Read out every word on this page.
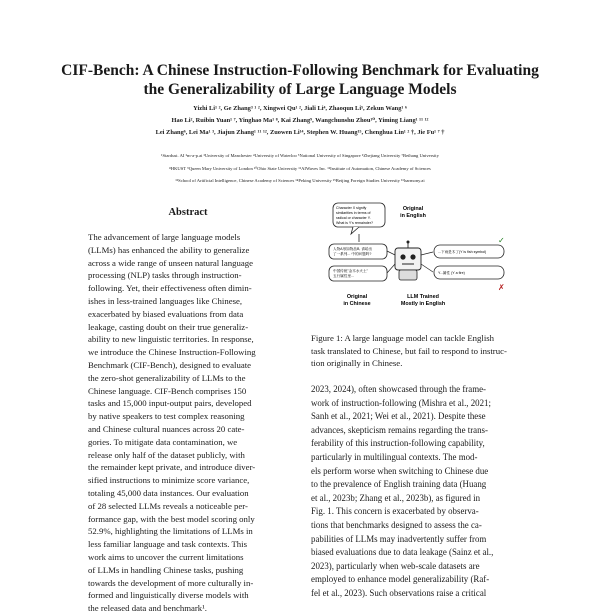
CIF-Bench: A Chinese Instruction-Following Benchmark for Evaluating
the Generalizability of Large Language Models
Yizhi Li¹ ², Ge Zhang³ ¹ ², Xingwei Qu¹ ², Jiali Li⁴, Zhaoqun Li⁵, Zekun Wang¹ ⁶
Hao Li², Ruibin Yuan¹ ⁷, Yinghao Ma¹ ⁸, Kai Zhang⁹, Wangchunshu Zhou¹⁰, Yiming Liang¹ ¹¹ ¹²
Lei Zhang⁶, Lei Ma¹ ³, Jiajun Zhang¹ ¹¹ ¹², Zuowen Li¹⁴, Stephen W. Huang¹⁵, Chenghua Lin¹ ² †, Jie Fu¹ ⁷ †
¹Stardust. AI ²m-a-p.ai ³University of Manchester ⁴University of Waterloo ⁵National University of Singapore ⁶Zhejiang University ⁷Beihang University
⁸HKUST ⁹Queen Mary University of London ¹⁰Ohio State University ¹¹AIWaves Inc. ¹²Institute of Automation, Chinese Academy of Sciences
¹³School of Artificial Intelligence, Chinese Academy of Sciences ¹⁴Peking University ¹⁵Beijing Foreign Studies University ¹⁶harmony.ai
Abstract
The advancement of large language models
(LLMs) has enhanced the ability to generalize
across a wide range of unseen natural language
processing (NLP) tasks through instruction-
following. Yet, their effectiveness often dimin-
ishes in less-trained languages like Chinese,
exacerbated by biased evaluations from data
leakage, casting doubt on their true generaliz-
ability to new linguistic territories. In response,
we introduce the Chinese Instruction-Following
Benchmark (CIF-Bench), designed to evaluate
the zero-shot generalizability of LLMs to the
Chinese language. CIF-Bench comprises 150
tasks and 15,000 input-output pairs, developed
by native speakers to test complex reasoning
and Chinese cultural nuances across 20 cate-
gories. To mitigate data contamination, we
release only half of the dataset publicly, with
the remainder kept private, and introduce diver-
sified instructions to minimize score variance,
totaling 45,000 data instances. Our evaluation
of 28 selected LLMs reveals a noticeable per-
formance gap, with the best model scoring only
52.9%, highlighting the limitations of LLMs in
less familiar language and task contexts. This
work aims to uncover the current limitations
of LLMs in handling Chinese tasks, pushing
towards the development of more culturally in-
formed and linguistically diverse models with
the released data and benchmark¹.
Character X signify
similarities in terms of
radical or character Y.
What is Y's remainder?
Original
in English
人物A形如物品B, 请给出
了一系列... 中的问题吗?
中国传统"金木水火土"
五行属性里...
...下雨是木了(Y is fish symbol)
Y...属性 (Y a fire)
✓
✗
Original
in Chinese
LLM Trained
Mostly in English
Figure 1: A large language model can tackle English
task translated to Chinese, but fail to respond to instruc-
tion originally in Chinese.
2023, 2024), often showcased through the frame-
work of instruction-following (Mishra et al., 2021;
Sanh et al., 2021; Wei et al., 2021). Despite these
advances, skepticism remains regarding the trans-
ferability of this instruction-following capability,
particularly in multilingual contexts. The mod-
els perform worse when switching to Chinese due
to the prevalence of English training data (Huang
et al., 2023b; Zhang et al., 2023b), as figured in
Fig. 1. This concern is exacerbated by observa-
tions that benchmarks designed to assess the ca-
pabilities of LLMs may inadvertently suffer from
biased evaluations due to data leakage (Sainz et al.,
2023), particularly when web-scale datasets are
employed to enhance model generalizability (Raf-
fel et al., 2023). Such observations raise a critical
